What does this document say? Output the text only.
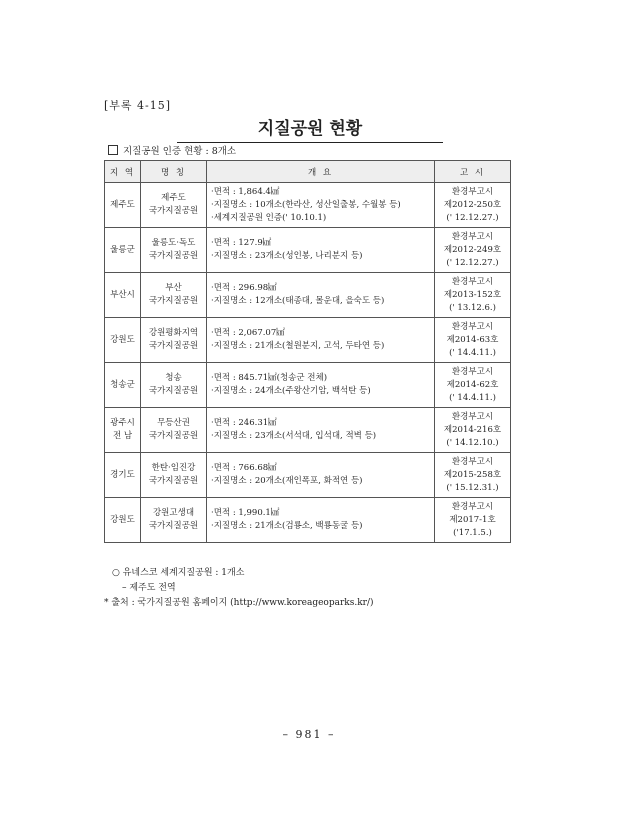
[부록 4-15]
지질공원 현황
지질공원 인증 현황 : 8개소
지 역	명 칭	개 요	고 시

제주도	제주도
국가지질공원	·면적 : 1,864.4㎢
·지질명소 : 10개소(한라산, 성산일출봉, 수월봉 등)
·세계지질공원 인증(' 10.10.1)	환경부고시
제2012-250호
(' 12.12.27.)

울릉군	울릉도·독도
국가지질공원	·면적 : 127.9㎢
·지질명소 : 23개소(성인봉, 나리분지 등)	환경부고시
제2012-249호
(' 12.12.27.)

부산시	부산
국가지질공원	·면적 : 296.98㎢
·지질명소 : 12개소(태종대, 몰운대, 을숙도 등)	환경부고시
제2013-152호
(' 13.12.6.)

강원도	강원평화지역
국가지질공원	·면적 : 2,067.07㎢
·지질명소 : 21개소(철원분지, 고석, 두타연 등)	환경부고시
제2014-63호
(' 14.4.11.)

청송군	청송
국가지질공원	·면적 : 845.71㎢(청송군 전체)
·지질명소 : 24개소(주왕산기암, 백석탄 등)	환경부고시
제2014-62호
(' 14.4.11.)

광주시
전 남	무등산권
국가지질공원	·면적 : 246.31㎢
·지질명소 : 23개소(서석대, 입석대, 적벽 등)	환경부고시
제2014-216호
(' 14.12.10.)

경기도	한탄·임진강
국가지질공원	·면적 : 766.68㎢
·지질명소 : 20개소(재인폭포, 화적연 등)	환경부고시
제2015-258호
(' 15.12.31.)

강원도	강원고생대
국가지질공원	·면적 : 1,990.1㎢
·지질명소 : 21개소(검룡소, 백룡동굴 등)	환경부고시
제2017-1호
('17.1.5.)
○ 유네스코 세계지질공원 : 1개소
– 제주도 전역
* 출처 : 국가지질공원 홈페이지 (http://www.koreageoparks.kr/)
– 981 –
